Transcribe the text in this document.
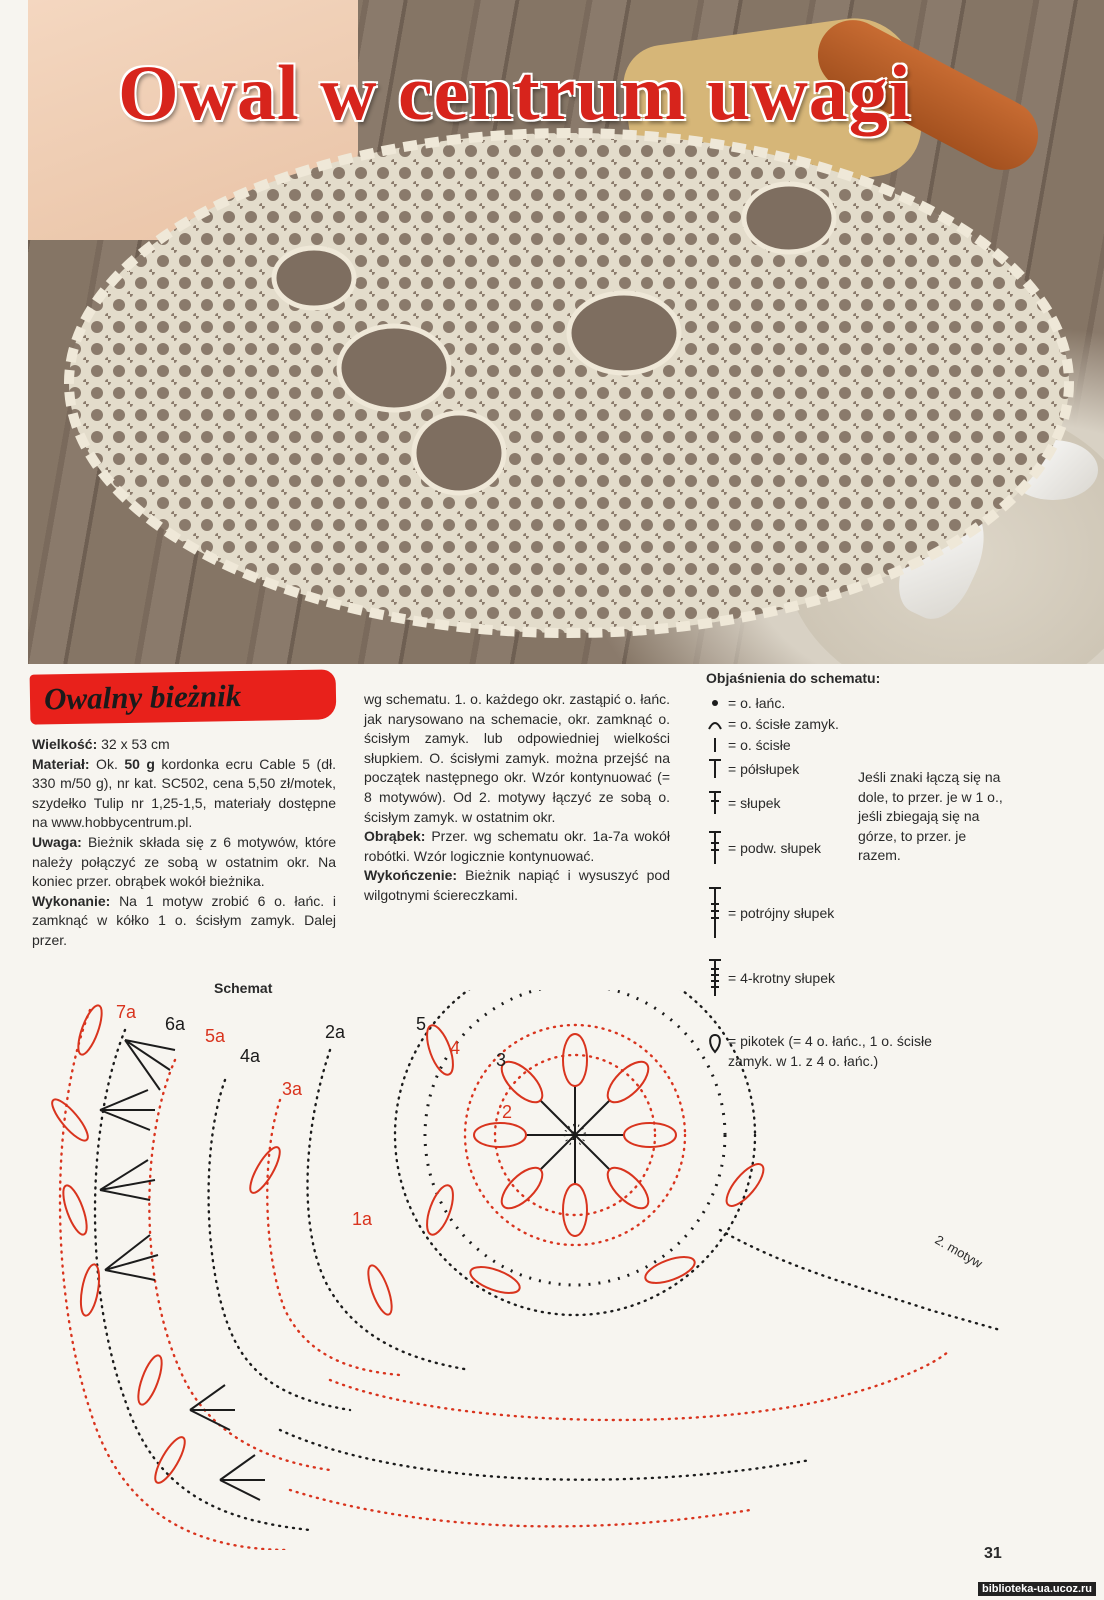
Owal w centrum uwagi
Owalny bieżnik

Wielkość: 32 x 53 cm

Materiał: Ok. 50 g kordonka ecru Cable 5 (dł. 330 m/50 g), nr kat. SC502, cena 5,50 zł/motek, szydełko Tulip nr 1,25-1,5, materiały dostępne na www.hobbycentrum.pl.

Uwaga: Bieżnik składa się z 6 motywów, które należy połączyć ze sobą w ostatnim okr. Na koniec przer. obrąbek wokół bieżnika.

Wykonanie: Na 1 motyw zrobić 6 o. łańc. i zamknąć w kółko 1 o. ścisłym zamyk. Dalej przer.

wg schematu. 1. o. każdego okr. zastąpić o. łańc. jak narysowano na schemacie, okr. zamknąć o. ścisłym zamyk. lub odpowiedniej wielkości słupkiem. O. ścisłymi zamyk. można przejść na początek następnego okr. Wzór kontynuować (= 8 motywów). Od 2. motywy łączyć ze sobą o. ścisłym zamyk. w ostatnim okr.

Obrąbek: Przer. wg schematu okr. 1a-7a wokół robótki. Wzór logicznie kontynuować.

Wykończenie: Bieżnik napiąć i wysuszyć pod wilgotnymi ściereczkami.

Objaśnienia do schematu:
= o. łańc.
= o. ścisłe zamyk.
= o. ścisłe
= półsłupek
= słupek
= podw. słupek
= potrójny słupek
= 4-krotny słupek
= pikotek (= 4 o. łańc., 1 o. ścisłe zamyk. w 1. z 4 o. łańc.)
Jeśli znaki łączą się na dole, to przer. je w 1 o., jeśli zbiegają się na górze, to przer. je razem.
Schemat
7a
6a
5a
4a
3a
2a
1a
5
4
3
2
1
2. motyw
31
biblioteka-ua.ucoz.ru
